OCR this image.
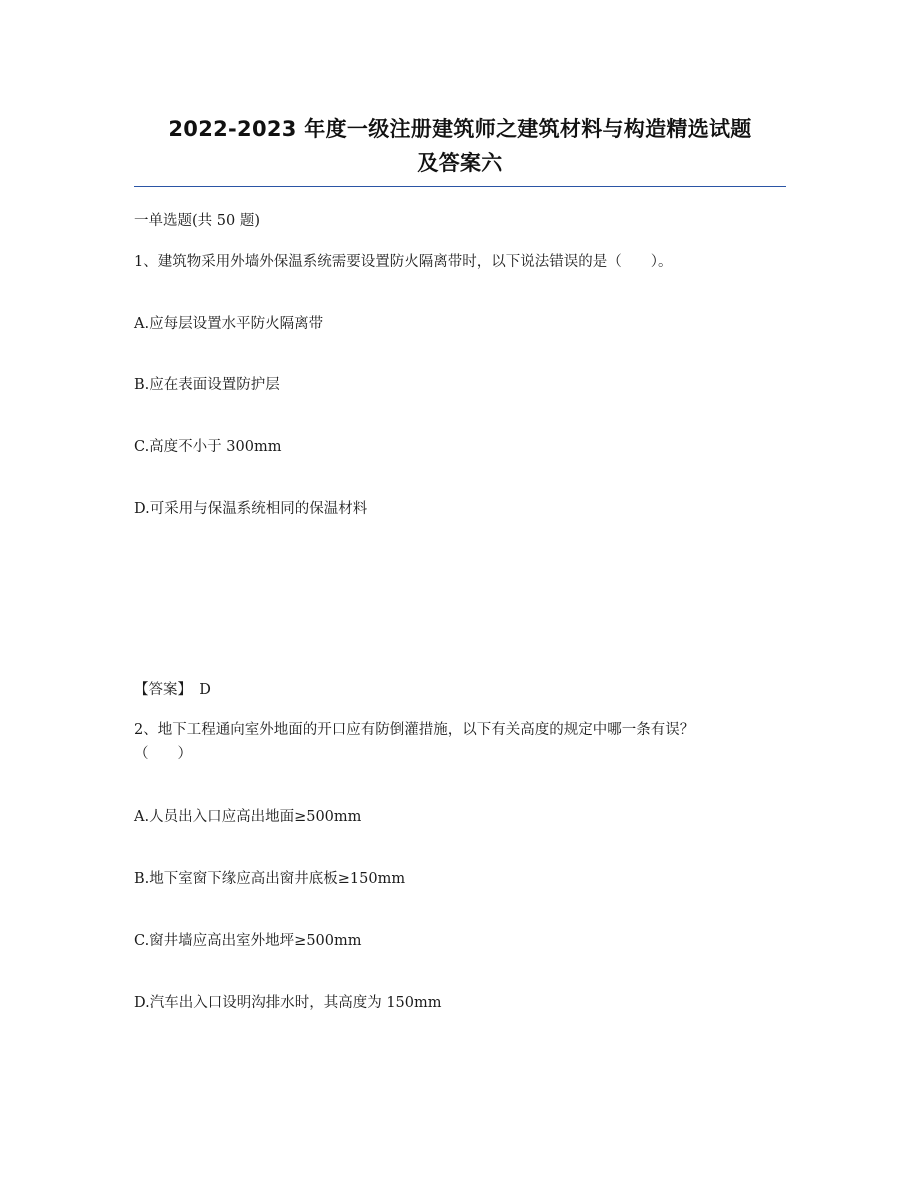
2022-2023 年度一级注册建筑师之建筑材料与构造精选试题
及答案六
一单选题(共 50 题)
1、建筑物采用外墙外保温系统需要设置防火隔离带时，以下说法错误的是（　　）。
A.应每层设置水平防火隔离带
B.应在表面设置防护层
C.高度不小于 300mm
D.可采用与保温系统相同的保温材料
【答案】　D
2、地下工程通向室外地面的开口应有防倒灌措施，以下有关高度的规定中哪一条有误？
（　　）
A.人员出入口应高出地面≥500mm
B.地下室窗下缘应高出窗井底板≥150mm
C.窗井墙应高出室外地坪≥500mm
D.汽车出入口设明沟排水时，其高度为 150mm
